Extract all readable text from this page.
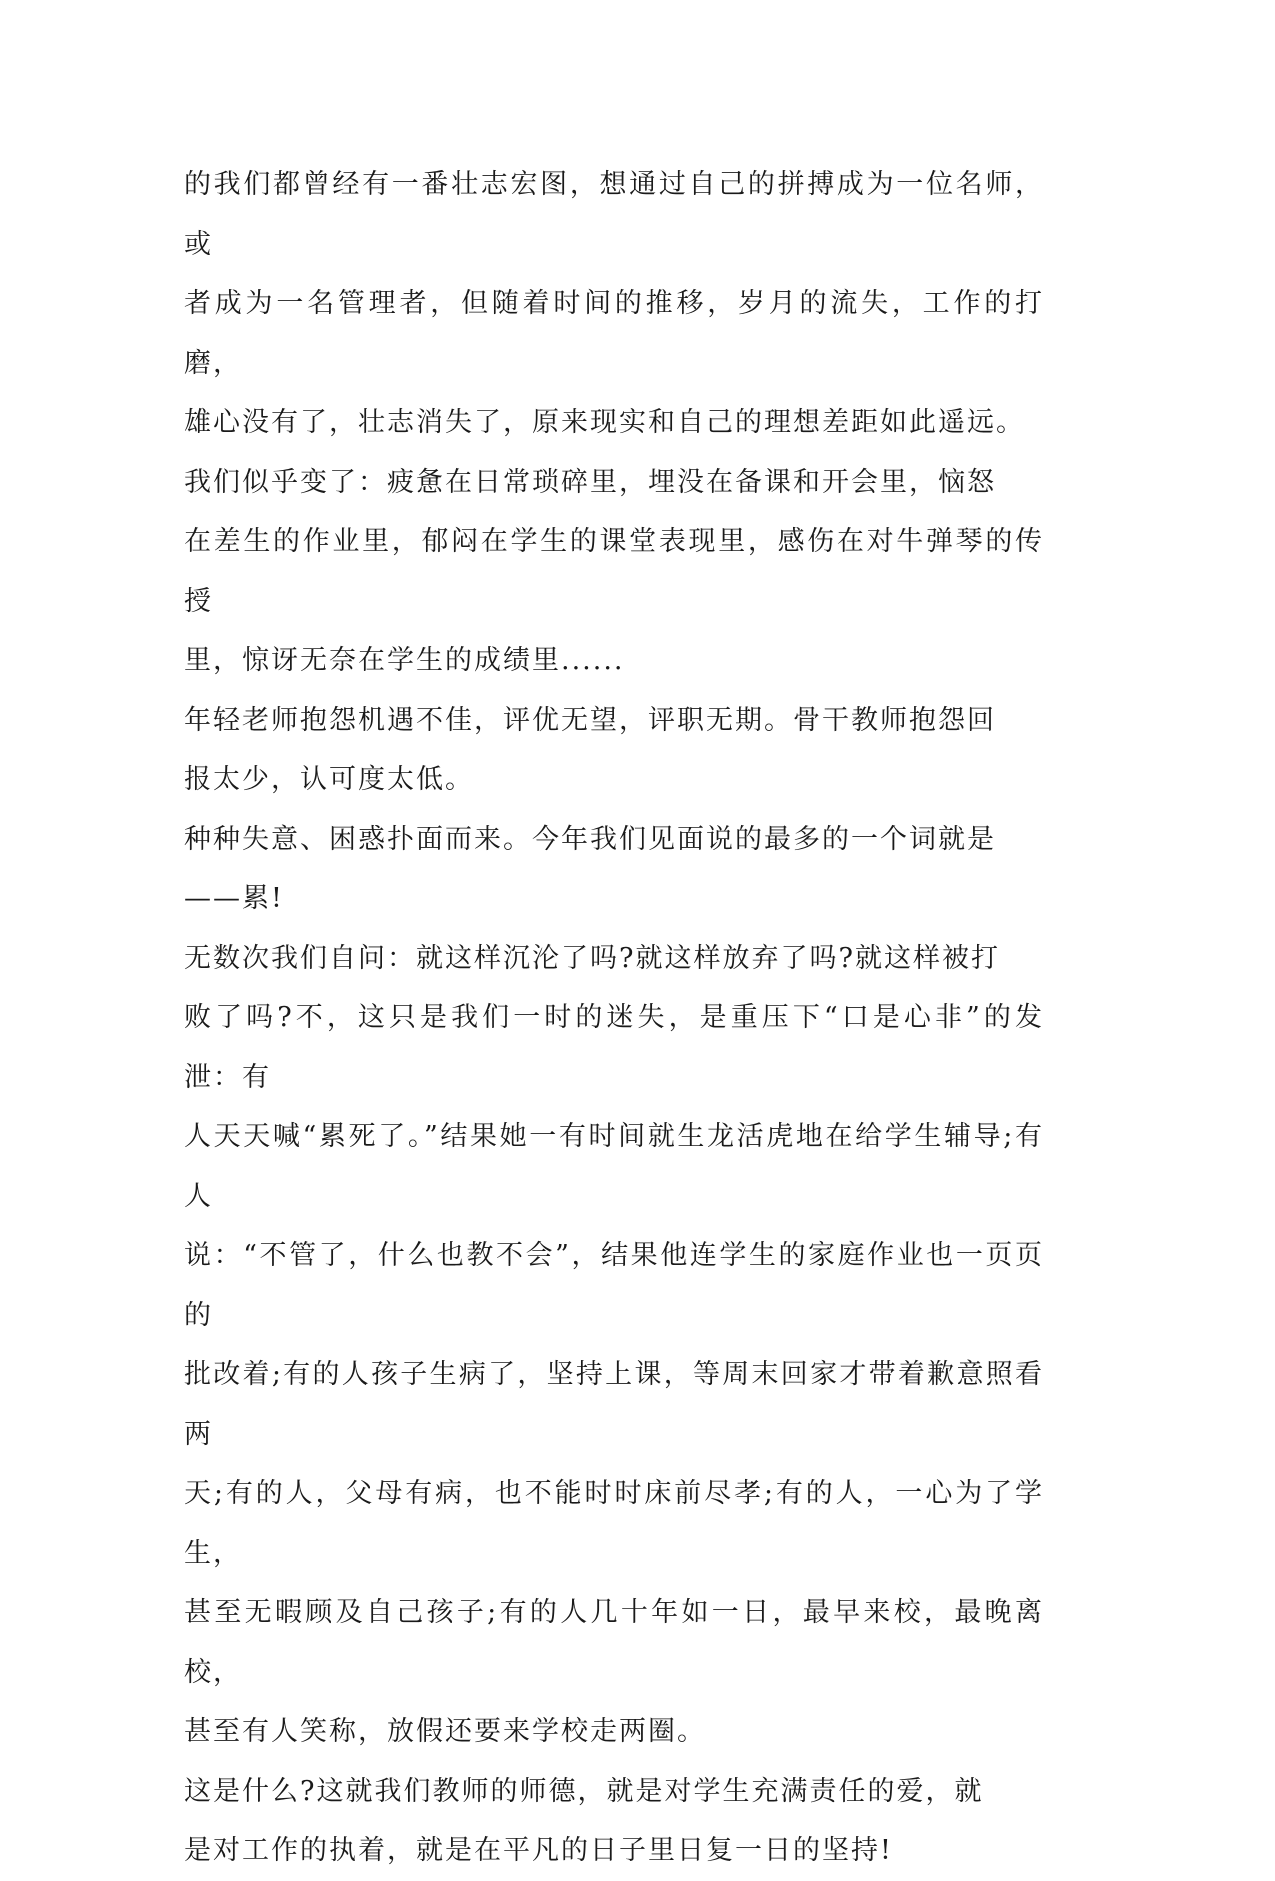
的我们都曾经有一番壮志宏图，想通过自己的拼搏成为一位名师，或
者成为一名管理者，但随着时间的推移，岁月的流失，工作的打磨，
雄心没有了，壮志消失了，原来现实和自己的理想差距如此遥远。

我们似乎变了：疲惫在日常琐碎里，埋没在备课和开会里，恼怒
在差生的作业里，郁闷在学生的课堂表现里，感伤在对牛弹琴的传授
里，惊讶无奈在学生的成绩里......

年轻老师抱怨机遇不佳，评优无望，评职无期。骨干教师抱怨回
报太少，认可度太低。

种种失意、困惑扑面而来。今年我们见面说的最多的一个词就是
——累!

无数次我们自问：就这样沉沦了吗?就这样放弃了吗?就这样被打
败了吗?不，这只是我们一时的迷失，是重压下“口是心非”的发泄：有
人天天喊“累死了。”结果她一有时间就生龙活虎地在给学生辅导;有人
说：“不管了，什么也教不会”，结果他连学生的家庭作业也一页页的
批改着;有的人孩子生病了，坚持上课，等周末回家才带着歉意照看两
天;有的人，父母有病，也不能时时床前尽孝;有的人，一心为了学生，
甚至无暇顾及自己孩子;有的人几十年如一日，最早来校，最晚离校，
甚至有人笑称，放假还要来学校走两圈。

这是什么?这就我们教师的师德，就是对学生充满责任的爱，就
是对工作的执着，就是在平凡的日子里日复一日的坚持!
